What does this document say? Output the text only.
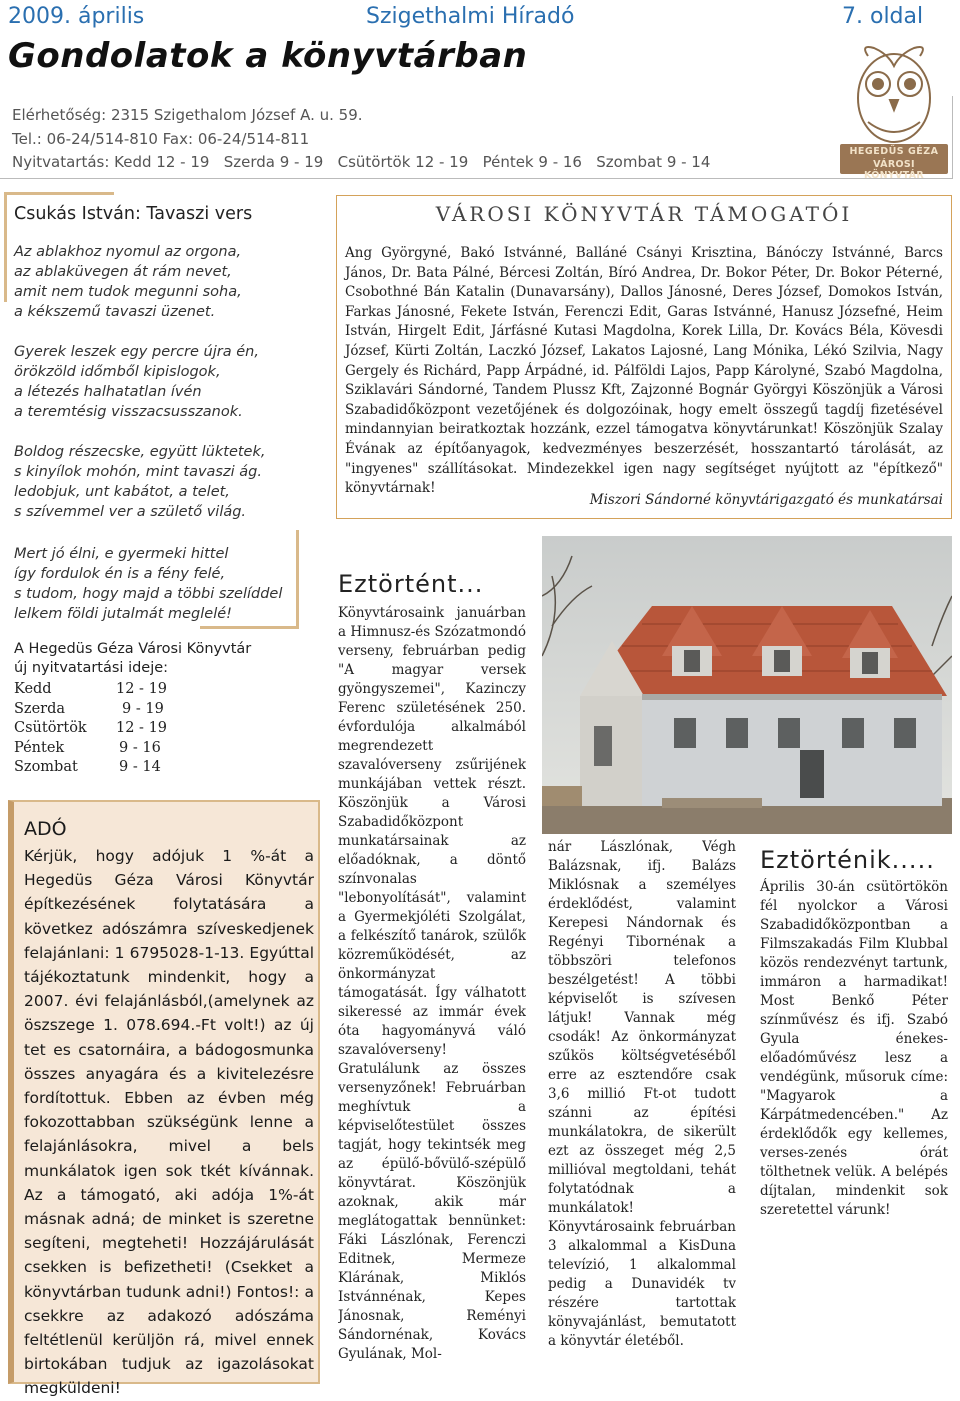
2009. április	Szigethalmi Híradó	7. oldal
Gondolatok a könyvtárban
Elérhetőség: 2315 Szigethalom József A. u. 59.
Tel.: 06-24/514-810 Fax: 06-24/514-811
Nyitvatartás: Kedd 12 - 19   Szerda 9 - 19   Csütörtök 12 - 19   Péntek 9 - 16   Szombat 9 - 14
HEGEDŰS GÉZA
VÁROSI KÖNYVTÁR
Csukás István: Tavaszi vers

Az ablakhoz nyomul az orgona,

az ablaküvegen át rám nevet,

amit nem tudok megunni soha,

a kékszemű tavaszi üzenet.

Gyerek leszek egy percre újra én,

örökzöld időmből kipislogok,

a létezés halhatatlan ívén

a teremtésig visszacsusszanok.

Boldog részecske, együtt lüktetek,

s kinyílok mohón, mint tavaszi ág.

ledobjuk, unt kabátot, a telet,

s szívemmel ver a születő világ.

Mert jó élni, e gyermeki hittel

így fordulok én is a fény felé,

s tudom, hogy majd a többi szelíddel

lelkem földi jutalmát meglelé!

A Hegedüs Géza Városi Könyvtár
új nyitvatartási ideje:
Kedd	12 - 19
Szerda	9 - 19
Csütörtök 12 - 19
Péntek	9 - 16
Szombat	9 - 14
VÁROSI KÖNYVTÁR TÁMOGATÓI
Ang Györgyné, Bakó Istvánné, Balláné Csányi Krisztina, Bánóczy Istvánné, Barcs János, Dr. Bata Pálné, Bércesi Zoltán, Bíró Andrea, Dr. Bokor Péter, Dr. Bokor Péterné, Csobothné Bán Katalin (Dunavarsány), Dallos Jánosné, Deres József, Domokos István, Farkas Jánosné, Fekete István, Ferenczi Edit, Garas Istvánné, Hanusz Józsefné, Heim István, Hirgelt Edit, Járfásné Kutasi Magdolna, Korek Lilla, Dr. Kovács Béla, Kövesdi József, Kürti Zoltán, Laczkó József, Lakatos Lajosné, Lang Mónika, Lékó Szilvia, Nagy Gergely és Richárd, Papp Árpádné, id. Pálföldi Lajos, Papp Károlyné, Szabó Magdolna, Sziklavári Sándorné, Tandem Plussz Kft, Zajzonné Bognár Györgyi Köszönjük a Városi Szabadidőközpont vezetőjének és dolgozóinak, hogy emelt összegű tagdíj fizetésével mindannyian beiratkoztak hozzánk, ezzel támogatva könyvtárunkat! Köszönjük Szalay Évának az építőanyagok, kedvezményes beszerzését, hosszantartó tárolását, az "ingyenes" szállításokat. Mindezekkel igen nagy segítséget nyújtott az "építkező" könyvtárnak!
Miszori Sándorné könyvtárigazgató és munkatársai
Eztörtént...
Könyvtárosaink januárban a Himnusz-és Szózatmondó verseny, februárban pedig "A magyar versek gyöngyszemei", Kazinczy Ferenc születésének 250. évfordulója alkalmából megrendezett szavalóverseny zsűrijének munkájában vettek részt. Köszönjük a Városi Szabadidőközpont munkatársainak az előadóknak, a döntő színvonalas "lebonyolítását", valamint a Gyermekjóléti Szolgálat, a felkészítő tanárok, szülők közreműködését, az önkormányzat támogatását. Így válhatott sikeressé az immár évek óta hagyományvá váló szavalóverseny! Gratulálunk az összes versenyzőnek! Februárban meghívtuk a képviselőtestület összes tagját, hogy tekintsék meg az épülő-bővülő-szépülő könyvtárat. Köszönjük azoknak, akik már meglátogattak bennünket: Fáki Lászlónak, Ferenczi Editnek, Mermeze Klárának, Miklós Istvánnénak, Kepes Jánosnak, Reményi Sándornénak, Kovács Gyulának, Mol-
nár Lászlónak, Végh Balázsnak, ifj. Balázs Miklósnak a személyes érdeklődést, valamint Kerepesi Nándornak és Regényi Tibornénak a többszöri telefonos beszélgetést! A többi képviselőt is szívesen látjuk! Vannak még csodák! Az önkormányzat szűkös költségvetéséből erre az esztendőre csak 3,6 millió Ft-ot tudott szánni az építési munkálatokra, de sikerült ezt az összeget még 2,5 millióval megtoldani, tehát folytatódnak a munkálatok! Könyvtárosaink februárban 3 alkalommal a KisDuna televízió, 1 alkalommal pedig a Dunavidék tv részére tartottak könyvajánlást, bemutatott a könyvtár életéből.
Eztörténik.....
Április 30-án csütörtökön fél nyolckor a Városi Szabadidőközpontban a Filmszakadás Film Klubbal közös rendezvényt tartunk, immáron a harmadikat! Most Benkő Péter színművész és ifj. Szabó Gyula énekes-előadóművész lesz a vendégünk, műsoruk címe: "Magyarok a Kárpátmedencében." Az érdeklődők egy kellemes, verses-zenés órát tölthetnek velük. A belépés díjtalan, mindenkit sok szeretettel várunk!
ADÓ
Kérjük, hogy adójuk 1 %-át a Hegedüs Géza Városi Könyvtár építkezésének folytatására a következ adószámra szíveskedjenek felajánlani: 1 6795028-1-13. Egyúttal tájékoztatunk mindenkit, hogy a 2007. évi felajánlásból,(amelynek az öszszege 1. 078.694.-Ft volt!) az új tet es csatornáira, a bádogosmunka összes anyagára és a kivitelezésre fordítottuk. Ebben az évben még fokozottabban szükségünk lenne a felajánlásokra, mivel a bels munkálatok igen sok tkét kívánnak. Az a támogató, aki adója 1%-át másnak adná; de minket is szeretne segíteni, megteheti! Hozzájárulását csekken is befizetheti! (Csekket a könyvtárban tudunk adni!) Fontos!: a csekkre az adakozó adószáma feltétlenül kerüljön rá, mivel ennek birtokában tudjuk az igazolásokat megküldeni!
